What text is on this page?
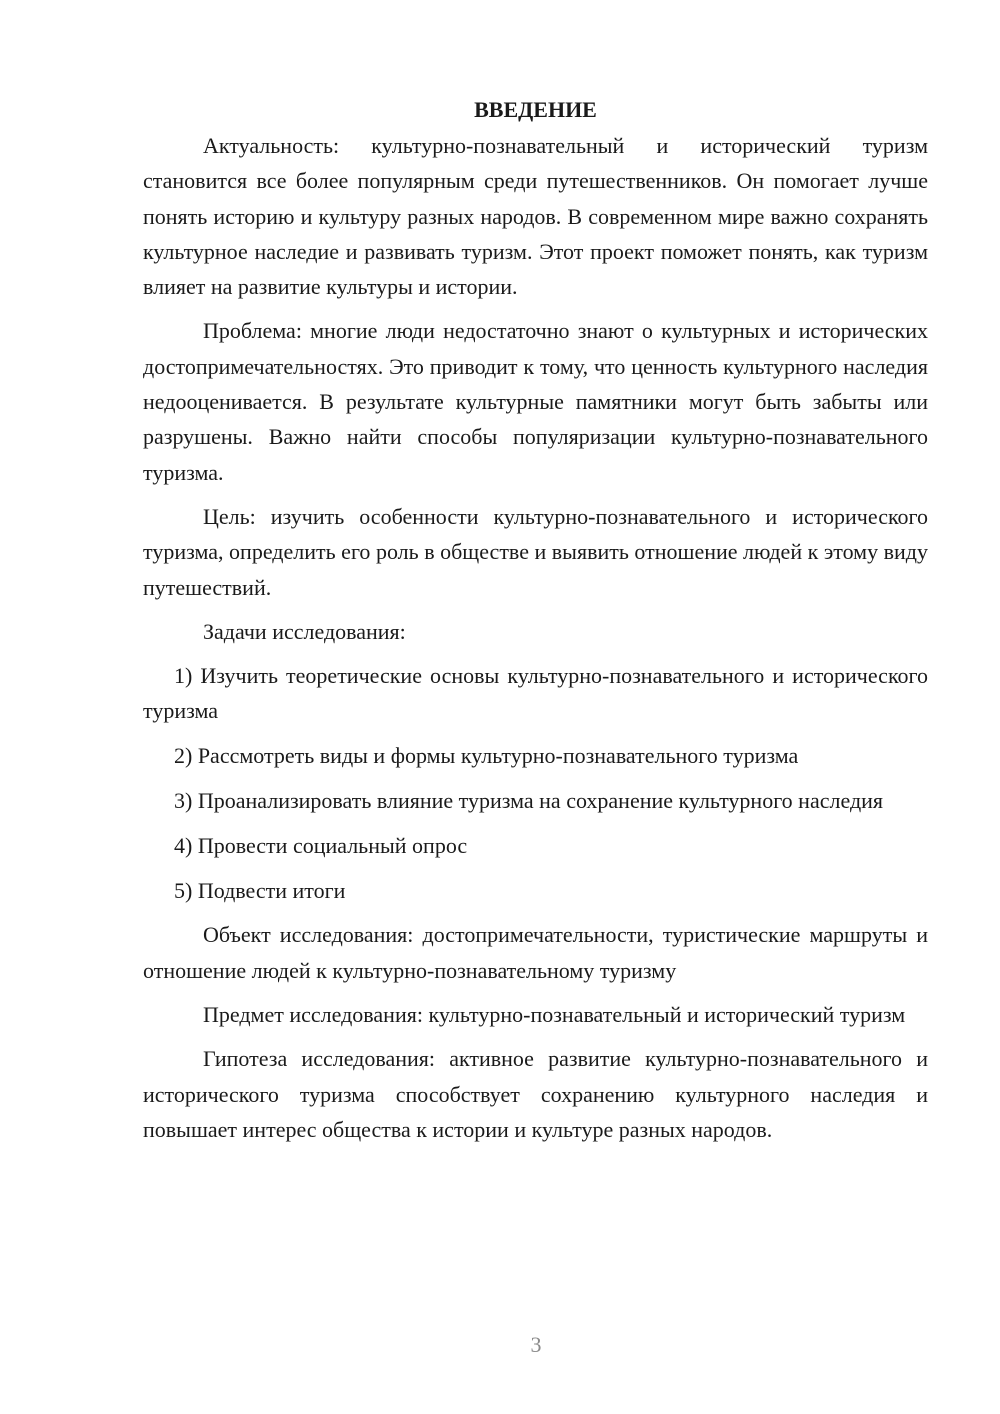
ВВЕДЕНИЕ

Актуальность: культурно-познавательный и исторический туризм становится все более популярным среди путешественников. Он помогает лучше понять историю и культуру разных народов. В современном мире важно сохранять культурное наследие и развивать туризм. Этот проект поможет понять, как туризм влияет на развитие культуры и истории.

Проблема: многие люди недостаточно знают о культурных и исторических достопримечательностях. Это приводит к тому, что ценность культурного наследия недооценивается. В результате культурные памятники могут быть забыты или разрушены. Важно найти способы популяризации культурно-познавательного туризма.

Цель: изучить особенности культурно-познавательного и исторического туризма, определить его роль в обществе и выявить отношение людей к этому виду путешествий.

Задачи исследования:

1) Изучить теоретические основы культурно-познавательного и исторического туризма

2) Рассмотреть виды и формы культурно-познавательного туризма

3) Проанализировать влияние туризма на сохранение культурного наследия

4) Провести социальный опрос

5) Подвести итоги

Объект исследования: достопримечательности, туристические маршруты и отношение людей к культурно-познавательному туризму

Предмет исследования: культурно-познавательный и исторический туризм

Гипотеза исследования: активное развитие культурно-познавательного и исторического туризма способствует сохранению культурного наследия и повышает интерес общества к истории и культуре разных народов.

3
